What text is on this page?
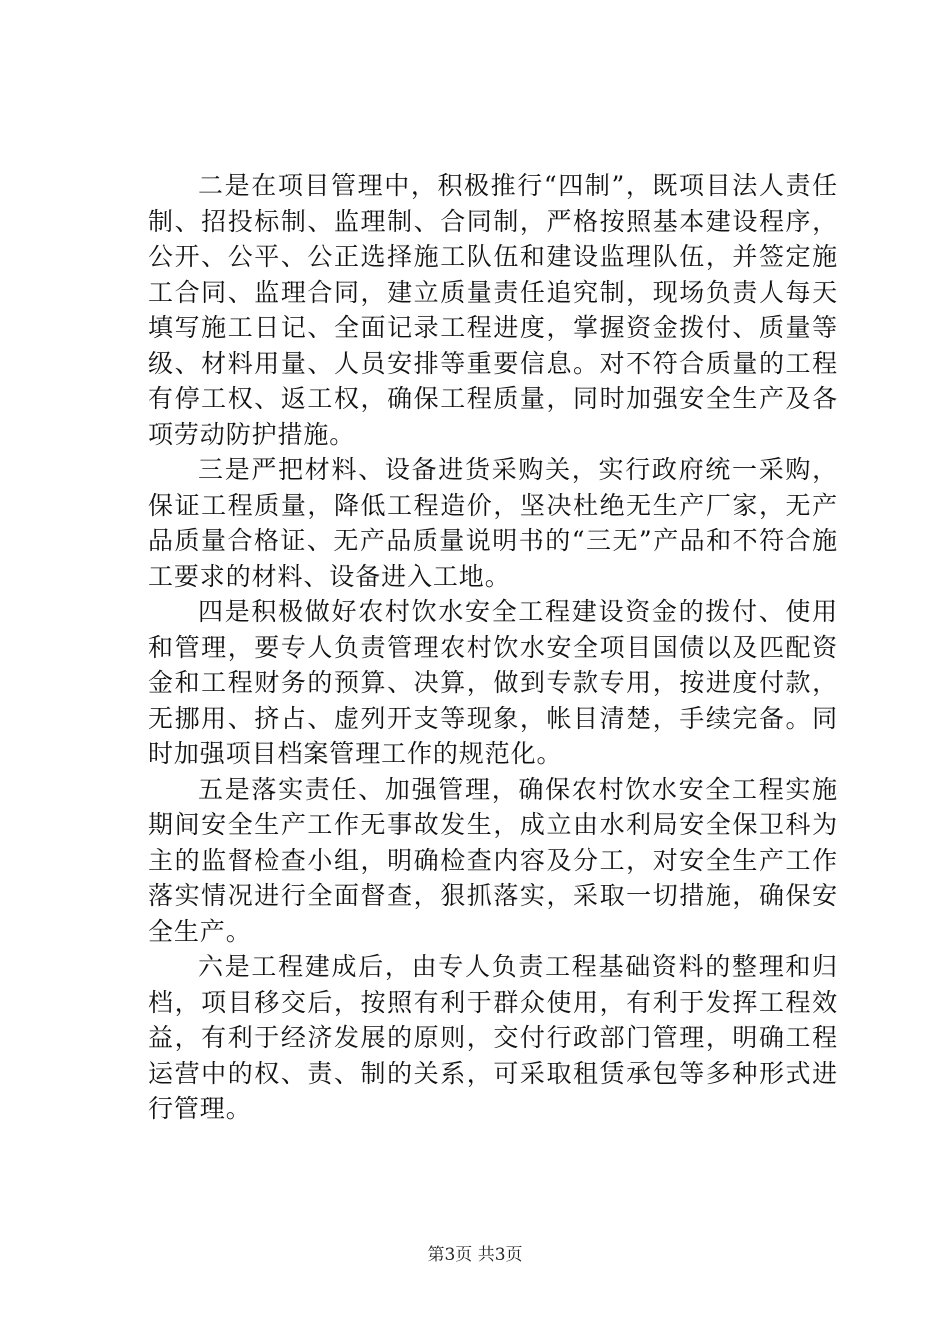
二是在项目管理中，积极推行“四制”，既项目法人责任制、招投标制、监理制、合同制，严格按照基本建设程序，公开、公平、公正选择施工队伍和建设监理队伍，并签定施工合同、监理合同，建立质量责任追究制，现场负责人每天填写施工日记、全面记录工程进度，掌握资金拨付、质量等级、材料用量、人员安排等重要信息。对不符合质量的工程有停工权、返工权，确保工程质量，同时加强安全生产及各项劳动防护措施。

三是严把材料、设备进货采购关，实行政府统一采购，保证工程质量，降低工程造价，坚决杜绝无生产厂家，无产品质量合格证、无产品质量说明书的“三无”产品和不符合施工要求的材料、设备进入工地。

四是积极做好农村饮水安全工程建设资金的拨付、使用和管理，要专人负责管理农村饮水安全项目国债以及匹配资金和工程财务的预算、决算，做到专款专用，按进度付款，无挪用、挤占、虚列开支等现象，帐目清楚，手续完备。同时加强项目档案管理工作的规范化。

五是落实责任、加强管理，确保农村饮水安全工程实施期间安全生产工作无事故发生，成立由水利局安全保卫科为主的监督检查小组，明确检查内容及分工，对安全生产工作落实情况进行全面督查，狠抓落实，采取一切措施，确保安全生产。

六是工程建成后，由专人负责工程基础资料的整理和归档，项目移交后，按照有利于群众使用，有利于发挥工程效益，有利于经济发展的原则，交付行政部门管理，明确工程运营中的权、责、制的关系，可采取租赁承包等多种形式进行管理。

第3页 共3页
